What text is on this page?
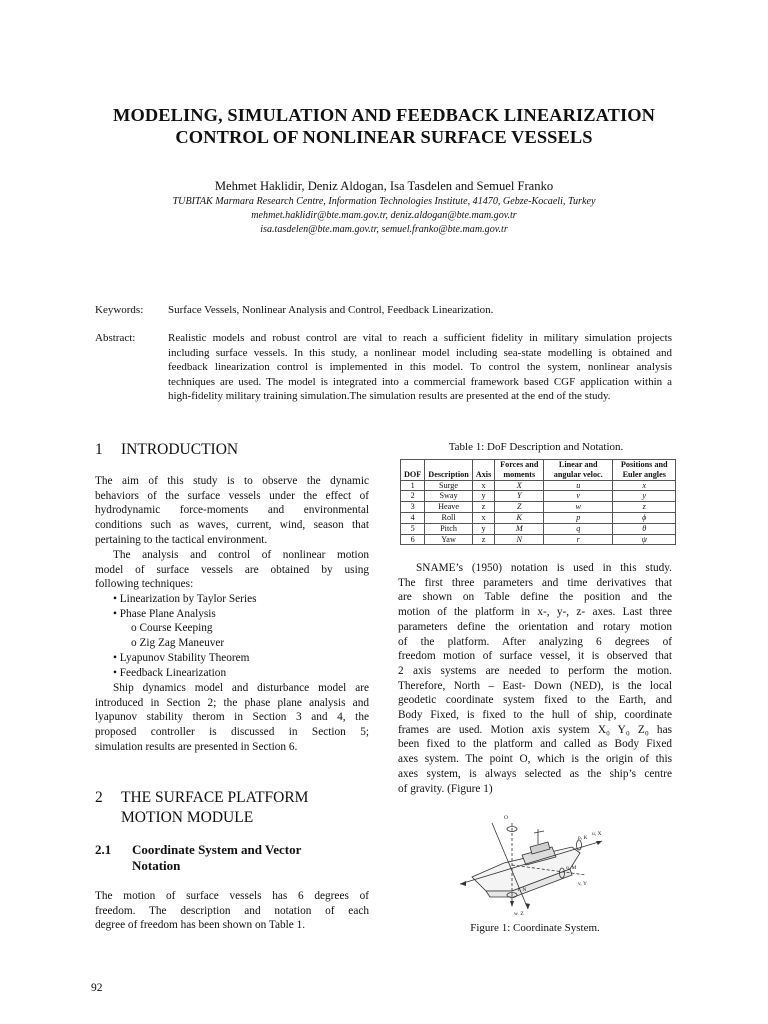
MODELING, SIMULATION AND FEEDBACK LINEARIZATION
CONTROL OF NONLINEAR SURFACE VESSELS
Mehmet Haklidir, Deniz Aldogan, Isa Tasdelen and Semuel Franko
TUBITAK Marmara Research Centre, Information Technologies Institute, 41470, Gebze-Kocaeli, Turkey
mehmet.haklidir@bte.mam.gov.tr, deniz.aldogan@bte.mam.gov.tr
isa.tasdelen@bte.mam.gov.tr, semuel.franko@bte.mam.gov.tr
Keywords: Surface Vessels, Nonlinear Analysis and Control, Feedback Linearization.
Abstract:	Realistic models and robust control are vital to reach a sufficient fidelity in military simulation projects
including surface vessels. In this study, a nonlinear model including sea-state modelling is obtained and
feedback linearization control is implemented in this model. To control the system, nonlinear analysis
techniques are used. The model is integrated into a commercial framework based CGF application within a
high-fidelity military training simulation.The simulation results are presented at the end of the study.
1 INTRODUCTION
The aim of this study is to observe the dynamic
behaviors of the surface vessels under the effect of
hydrodynamic force-moments and environmental
conditions such as waves, current, wind, season that
pertaining to the tactical environment.
The analysis and control of nonlinear motion
model of surface vessels are obtained by using
following techniques:
• Linearization by Taylor Series
• Phase Plane Analysis
o Course Keeping
o Zig Zag Maneuver
• Lyapunov Stability Theorem
• Feedback Linearization
Ship dynamics model and disturbance model are
introduced in Section 2; the phase plane analysis and
lyapunov stability therom in Section 3 and 4, the
proposed controller is discussed in Section 5;
simulation results are presented in Section 6.
2 THE SURFACE PLATFORM
MOTION MODULE
2.1 Coordinate System and Vector
Notation
The motion of surface vessels has 6 degrees of
freedom. The description and notation of each
degree of freedom has been shown on Table 1.
Table 1: DoF Description and Notation.
DOF	Description	Axis	Forces and moments	Linear and angular veloc.	Positions and Euler angles
1	Surge	x	X	u	x
2	Sway	y	Y	v	y
3	Heave	z	Z	w	z
4	Roll	x	K	p	ϕ
5	Pitch	y	M	q	θ
6	Yaw	z	N	r	ψ
SNAME’s (1950) notation is used in this study.
The first three parameters and time derivatives that
are shown on Table define the position and the
motion of the platform in x-, y-, z- axes. Last three
parameters define the orientation and rotary motion
of the platform. After analyzing 6 degrees of
freedom motion of surface vessel, it is observed that
2 axis systems are needed to perform the motion.
Therefore, North – East- Down (NED), is the local
geodetic coordinate system fixed to the Earth, and
Body Fixed, is fixed to the hull of ship, coordinate
frames are used. Motion axis system X₀ Y₀ Z₀ has
been fixed to the platform and called as Body Fixed
axes system. The point O, which is the origin of this
axes system, is always selected as the ship’s centre
of gravity. (Figure 1)
u, X
q, M
v, Y
r, N
w, Z
p, K
O
Figure 1: Coordinate System.
92
